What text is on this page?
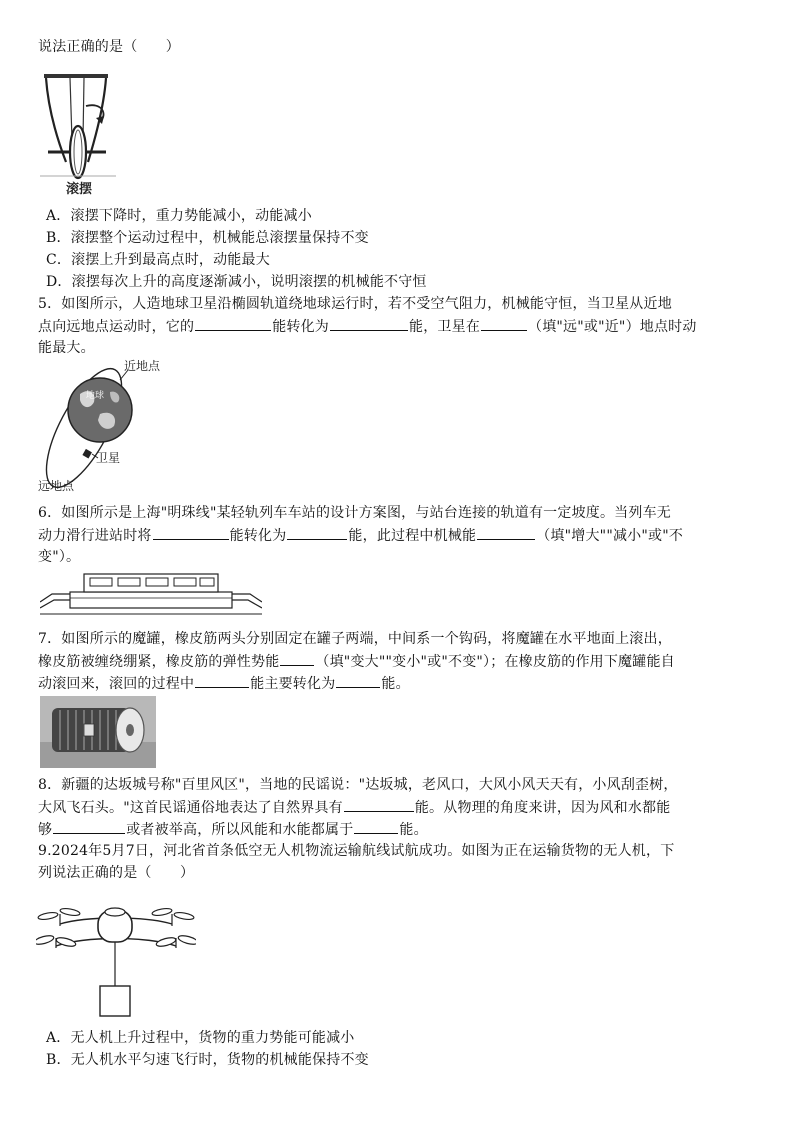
说法正确的是（　　）
滚摆
A．滚摆下降时，重力势能减小，动能减小
B．滚摆整个运动过程中，机械能总滚摆量保持不变
C．滚摆上升到最高点时，动能最大
D．滚摆每次上升的高度逐渐减小，说明滚摆的机械能不守恒
5．如图所示，人造地球卫星沿椭圆轨道绕地球运行时，若不受空气阻力，机械能守恒，当卫星从近地
点向远地点运动时，它的	能转化为	能，卫星在	（填"远"或"近"）地点时动
能最大。
地球
近地点
卫星
远地点
6．如图所示是上海"明珠线"某轻轨列车车站的设计方案图，与站台连接的轨道有一定坡度。当列车无
动力滑行进站时将	能转化为	能，此过程中机械能	（填"增大""减小"或"不
变"）。
7．如图所示的魔罐，橡皮筋两头分别固定在罐子两端，中间系一个钩码，将魔罐在水平地面上滚出，
橡皮筋被缠绕绷紧，橡皮筋的弹性势能	（填"变大""变小"或"不变"）；在橡皮筋的作用下魔罐能自
动滚回来，滚回的过程中	能主要转化为	能。
8．新疆的达坂城号称"百里风区"，当地的民谣说："达坂城，老风口，大风小风天天有，小风刮歪树，
大风飞石头。"这首民谣通俗地表达了自然界具有	能。从物理的角度来讲，因为风和水都能
够	或者被举高，所以风能和水能都属于	能。
9.2024年5月7日，河北省首条低空无人机物流运输航线试航成功。如图为正在运输货物的无人机，下
列说法正确的是（　　）
A．无人机上升过程中，货物的重力势能可能减小
B．无人机水平匀速飞行时，货物的机械能保持不变
